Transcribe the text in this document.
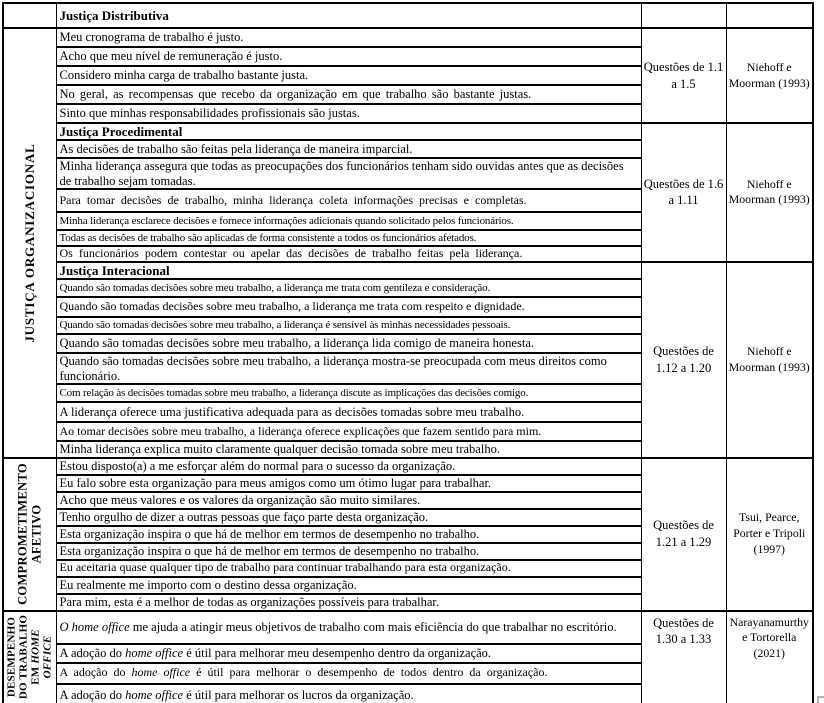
	Justiça Distributiva		

JUSTIÇA ORGANIZACIONAL	Meu cronograma de trabalho é justo.	Questões de 1.1 a 1.5	Niehoff e Moorman (1993)
	Acho que meu nível de remuneração é justo.		
	Considero minha carga de trabalho bastante justa.		
	No geral, as recompensas que recebo da organização em que trabalho são bastante justas.		
	Sinto que minhas responsabilidades profissionais são justas.		
	Justiça Procedimental	Questões de 1.6 a 1.11	Niehoff e Moorman (1993)
	As decisões de trabalho são feitas pela liderança de maneira imparcial.		
	Minha liderança assegura que todas as preocupações dos funcionários tenham sido ouvidas antes que as decisões de trabalho sejam tomadas.		
	Para tomar decisões de trabalho, minha liderança coleta informações precisas e completas.		
	Minha liderança esclarece decisões e fornece informações adicionais quando solicitado pelos funcionários.		
	Todas as decisões de trabalho são aplicadas de forma consistente a todos os funcionários afetados.		
	Os funcionários podem contestar ou apelar das decisões de trabalho feitas pela liderança.		
	Justiça Interacional	Questões de 1.12 a 1.20	Niehoff e Moorman (1993)
	Quando são tomadas decisões sobre meu trabalho, a liderança me trata com gentileza e consideração.		
	Quando são tomadas decisões sobre meu trabalho, a liderança me trata com respeito e dignidade.		
	Quando são tomadas decisões sobre meu trabalho, a liderança é sensível às minhas necessidades pessoais.		
	Quando são tomadas decisões sobre meu trabalho, a liderança lida comigo de maneira honesta.		
	Quando são tomadas decisões sobre meu trabalho, a liderança mostra-se preocupada com meus direitos como funcionário.		
	Com relação às decisões tomadas sobre meu trabalho, a liderança discute as implicações das decisões comigo.		
	A liderança oferece uma justificativa adequada para as decisões tomadas sobre meu trabalho.		
	Ao tomar decisões sobre meu trabalho, a liderança oferece explicações que fazem sentido para mim.		
	Minha liderança explica muito claramente qualquer decisão tomada sobre meu trabalho.		

COMPROMETIMENTO AFETIVO	Estou disposto(a) a me esforçar além do normal para o sucesso da organização.	Questões de 1.21 a 1.29	Tsui, Pearce, Porter e Tripoli (1997)
	Eu falo sobre esta organização para meus amigos como um ótimo lugar para trabalhar.		
	Acho que meus valores e os valores da organização são muito similares.		
	Tenho orgulho de dizer a outras pessoas que faço parte desta organização.		
	Esta organização inspira o que há de melhor em termos de desempenho no trabalho.		
	Esta organização inspira o que há de melhor em termos de desempenho no trabalho.		
	Eu aceitaria quase qualquer tipo de trabalho para continuar trabalhando para esta organização.		
	Eu realmente me importo com o destino dessa organização.		
	Para mim, esta é a melhor de todas as organizações possíveis para trabalhar.		

DESEMPENHO DO TRABALHO EM HOME OFFICE	O home office me ajuda a atingir meus objetivos de trabalho com mais eficiência do que trabalhar no escritório.	Questões de 1.30 a 1.33	Narayanamurthy e Tortorella (2021)
	A adoção do home office é útil para melhorar meu desempenho dentro da organização.		
	A adoção do home office é útil para melhorar o desempenho de todos dentro da organização.		
	A adoção do home office é útil para melhorar os lucros da organização.		
